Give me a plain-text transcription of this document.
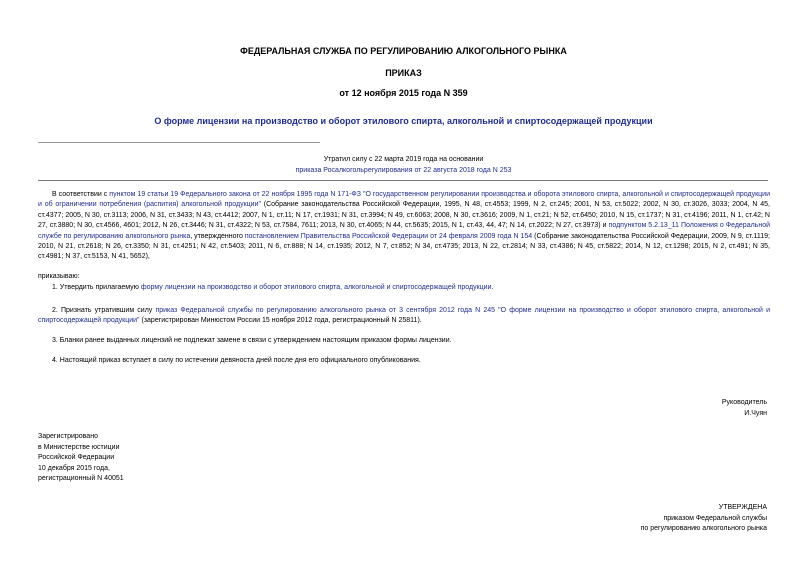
ФЕДЕРАЛЬНАЯ СЛУЖБА ПО РЕГУЛИРОВАНИЮ АЛКОГОЛЬНОГО РЫНКА
ПРИКАЗ
от 12 ноября 2015 года N 359
О форме лицензии на производство и оборот этилового спирта, алкогольной и спиртосодержащей продукции
Утратил силу с 22 марта 2019 года на основании
приказа Росалкогольрегулирования от 22 августа 2018 года N 253
В соответствии с пунктом 19 статьи 19 Федерального закона от 22 ноября 1995 года N 171-ФЗ "О государственном регулировании производства и оборота этилового спирта, алкогольной и спиртосодержащей продукции и об ограничении потребления (распития) алкогольной продукции" (Собрание законодательства Российской Федерации, 1995, N 48, ст.4553; 1999, N 2, ст.245; 2001, N 53, ст.5022; 2002, N 30, ст.3026, 3033; 2004, N 45, ст.4377; 2005, N 30, ст.3113; 2006, N 31, ст.3433; N 43, ст.4412; 2007, N 1, ст.11; N 17, ст.1931; N 31, ст.3994; N 49, ст.6063; 2008, N 30, ст.3616; 2009, N 1, ст.21; N 52, ст.6450; 2010, N 15, ст.1737; N 31, ст.4196; 2011, N 1, ст.42; N 27, ст.3880; N 30, ст.4566, 4601; 2012, N 26, ст.3446; N 31, ст.4322; N 53, ст.7584, 7611; 2013, N 30, ст.4065; N 44, ст.5635; 2015, N 1, ст.43, 44, 47; N 14, ст.2022; N 27, ст.3973) и подпунктом 5.2.13_11 Положения о Федеральной службе по регулированию алкогольного рынка, утвержденного постановлением Правительства Российской Федерации от 24 февраля 2009 года N 154 (Собрание законодательства Российской Федерации, 2009, N 9, ст.1119; 2010, N 21, ст.2618; N 26, ст.3350; N 31, ст.4251; N 42, ст.5403; 2011, N 6, ст.888; N 14, ст.1935; 2012, N 7, ст.852; N 34, ст.4735; 2013, N 22, ст.2814; N 33, ст.4386; N 45, ст.5822; 2014, N 12, ст.1298; 2015, N 2, ст.491; N 35, ст.4981; N 37, ст.5153, N 41, 5652),
приказываю:
1. Утвердить прилагаемую форму лицензии на производство и оборот этилового спирта, алкогольной и спиртосодержащей продукции.
2. Признать утратившим силу приказ Федеральной службы по регулированию алкогольного рынка от 3 сентября 2012 года N 245 "О форме лицензии на производство и оборот этилового спирта, алкогольной и спиртосодержащей продукции" (зарегистрирован Минюстом России 15 ноября 2012 года, регистрационный N 25811).
3. Бланки ранее выданных лицензий не подлежат замене в связи с утверждением настоящим приказом формы лицензии.
4. Настоящий приказ вступает в силу по истечении девяноста дней после дня его официального опубликования.
Руководитель
И.Чуян
Зарегистрировано
в Министерстве юстиции
Российской Федерации
10 декабря 2015 года,
регистрационный N 40051
УТВЕРЖДЕНА
приказом Федеральной службы
по регулированию алкогольного рынка
